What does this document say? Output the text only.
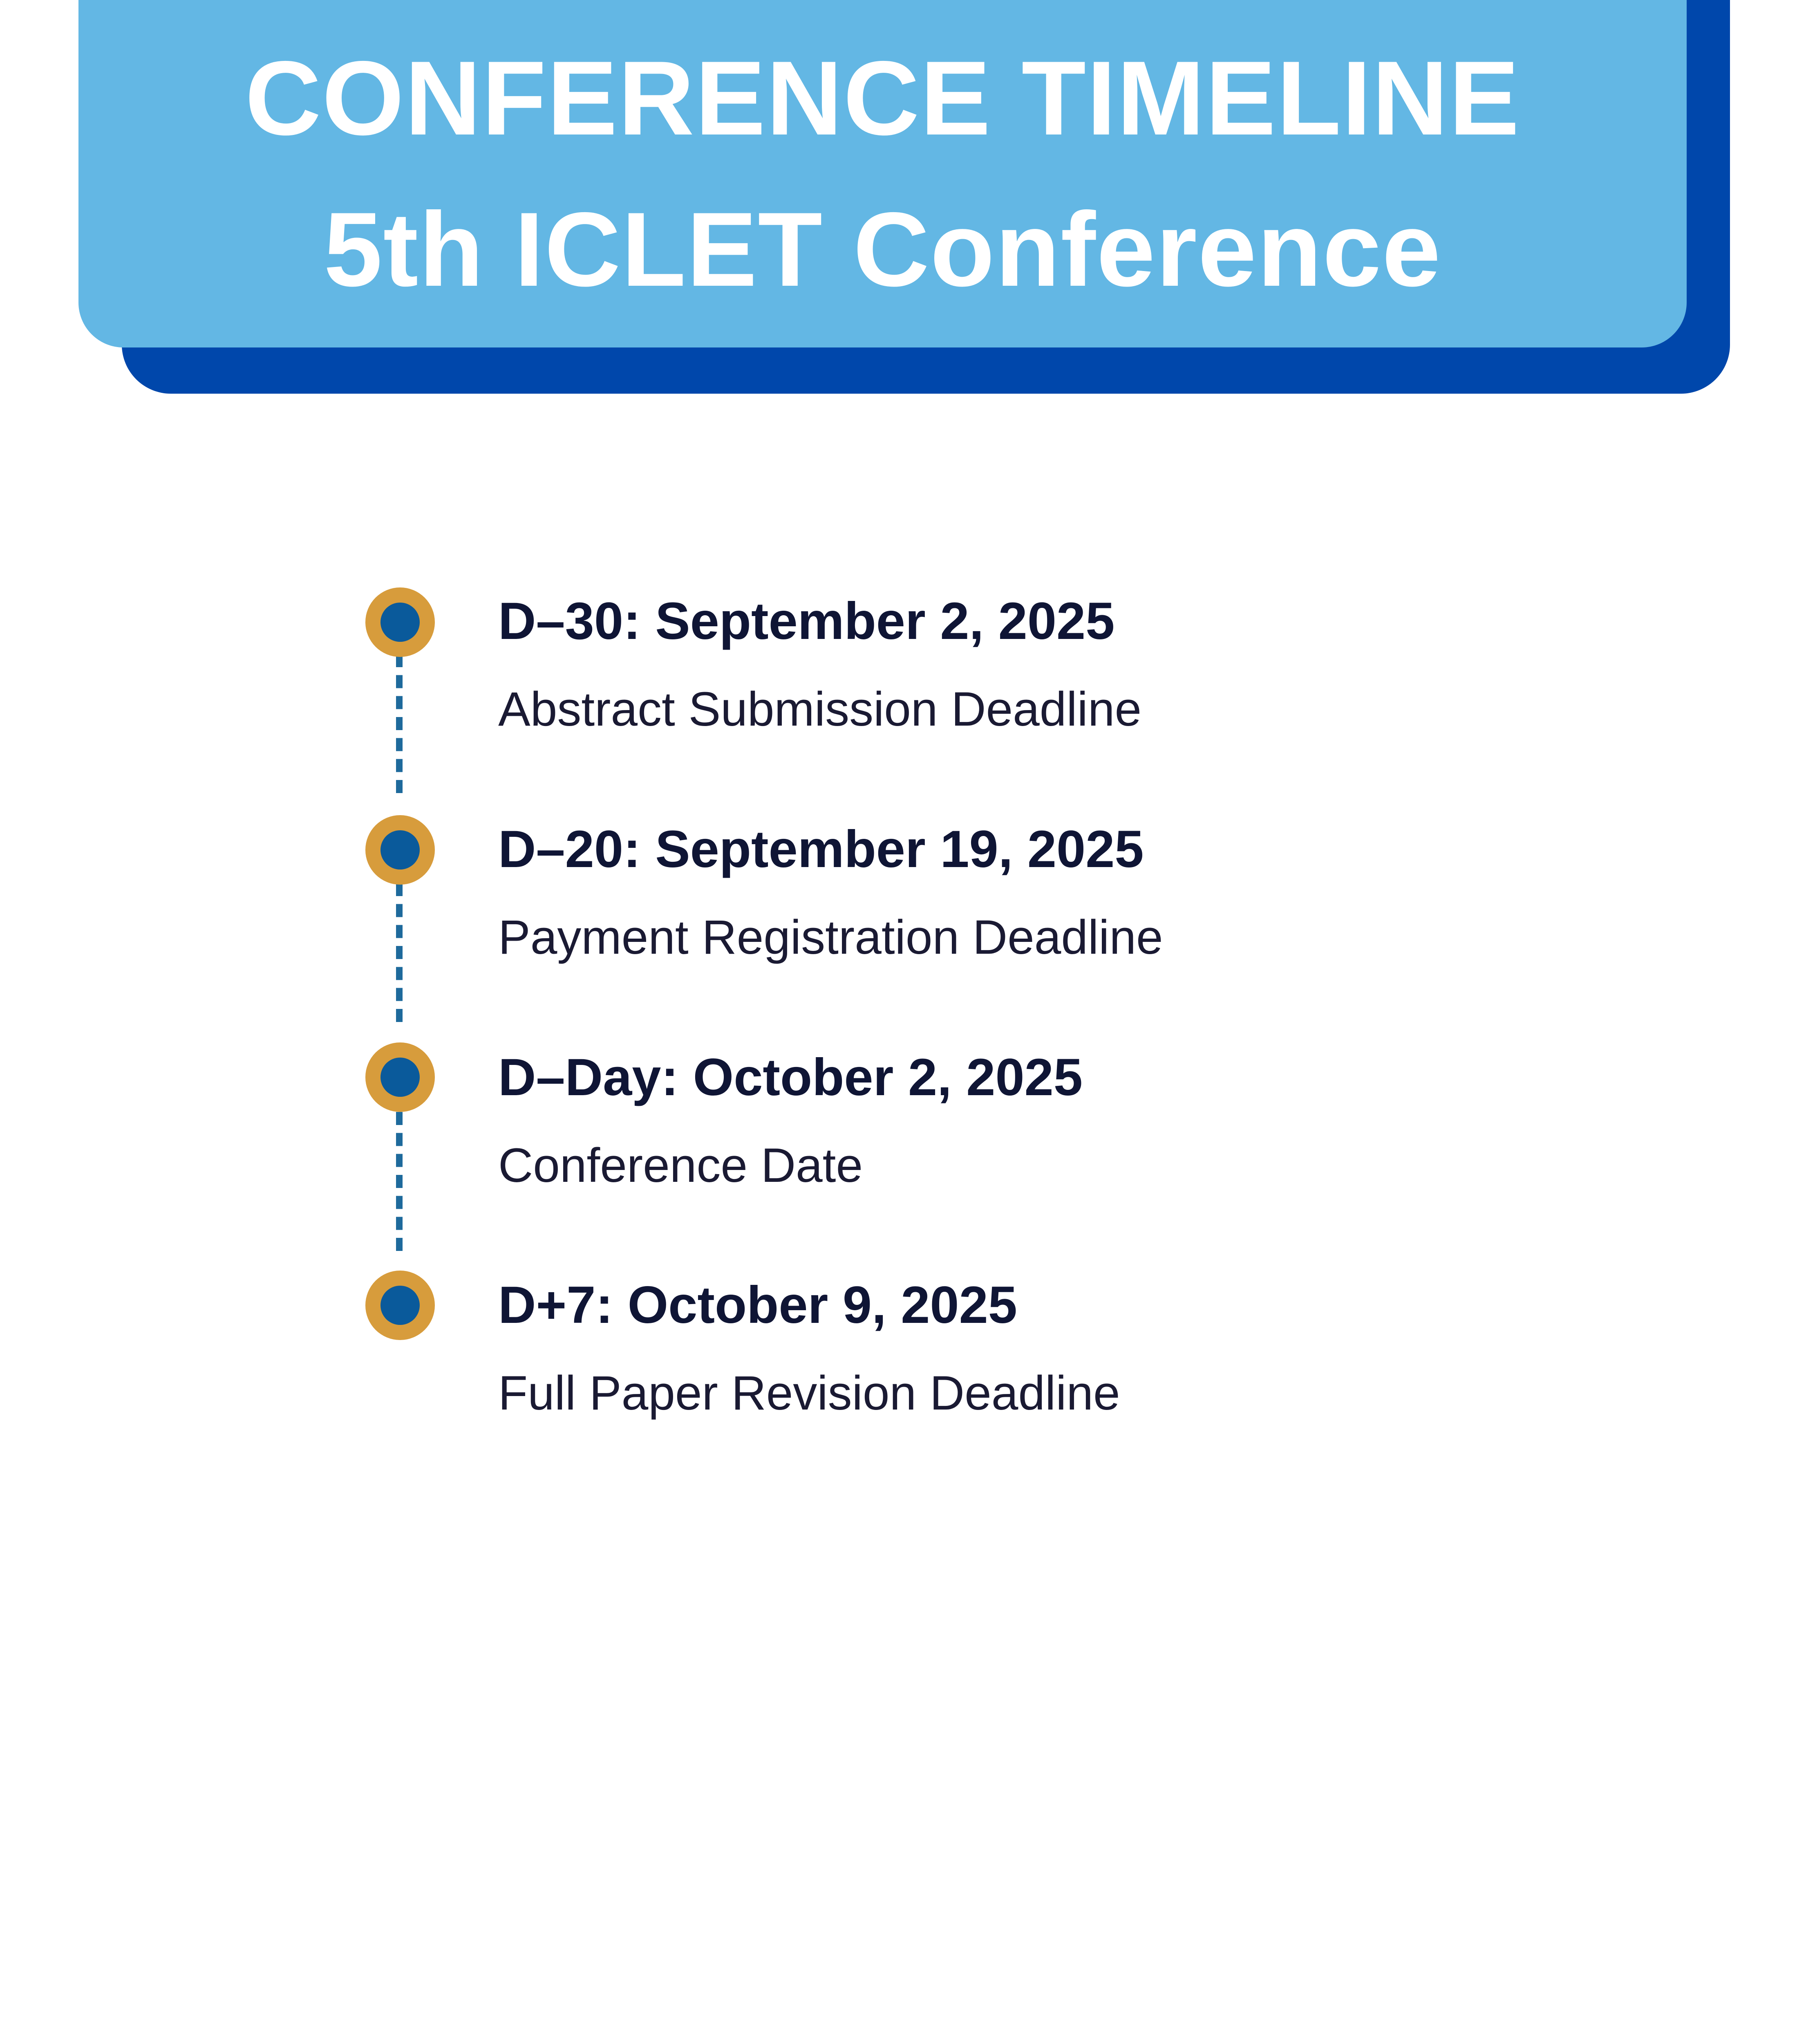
CONFERENCE TIMELINE
5th ICLET Conference
D–30: September 2, 2025
Abstract Submission Deadline
D–20: September 19, 2025
Payment Registration Deadline
D–Day: October 2, 2025
Conference Date
D+7: October 9, 2025
Full Paper Revision Deadline
